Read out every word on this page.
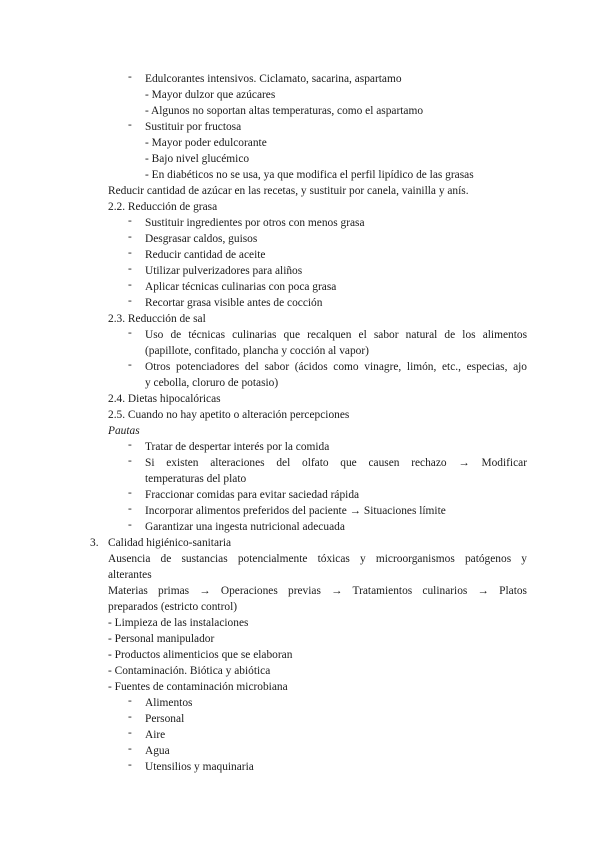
- Edulcorantes intensivos. Ciclamato, sacarina, aspartamo
- Mayor dulzor que azúcares
- Algunos no soportan altas temperaturas, como el aspartamo
- Sustituir por fructosa
- Mayor poder edulcorante
- Bajo nivel glucémico
- En diabéticos no se usa, ya que modifica el perfil lipídico de las grasas
Reducir cantidad de azúcar en las recetas, y sustituir por canela, vainilla y anís.
2.2. Reducción de grasa
- Sustituir ingredientes por otros con menos grasa
- Desgrasar caldos, guisos
- Reducir cantidad de aceite
- Utilizar pulverizadores para aliños
- Aplicar técnicas culinarias con poca grasa
- Recortar grasa visible antes de cocción
2.3. Reducción de sal
- Uso de técnicas culinarias que recalquen el sabor natural de los alimentos
(papillote, confitado, plancha y cocción al vapor)
- Otros potenciadores del sabor (ácidos como vinagre, limón, etc., especias, ajo
y cebolla, cloruro de potasio)
2.4. Dietas hipocalóricas
2.5. Cuando no hay apetito o alteración percepciones
Pautas
- Tratar de despertar interés por la comida
- Si existen alteraciones del olfato que causen rechazo → Modificar
temperaturas del plato
- Fraccionar comidas para evitar saciedad rápida
- Incorporar alimentos preferidos del paciente → Situaciones límite
- Garantizar una ingesta nutricional adecuada
3. Calidad higiénico-sanitaria
Ausencia de sustancias potencialmente tóxicas y microorganismos patógenos y
alterantes
Materias primas → Operaciones previas → Tratamientos culinarios → Platos
preparados (estricto control)
- Limpieza de las instalaciones
- Personal manipulador
- Productos alimenticios que se elaboran
- Contaminación. Biótica y abiótica
- Fuentes de contaminación microbiana
- Alimentos
- Personal
- Aire
- Agua
- Utensilios y maquinaria
